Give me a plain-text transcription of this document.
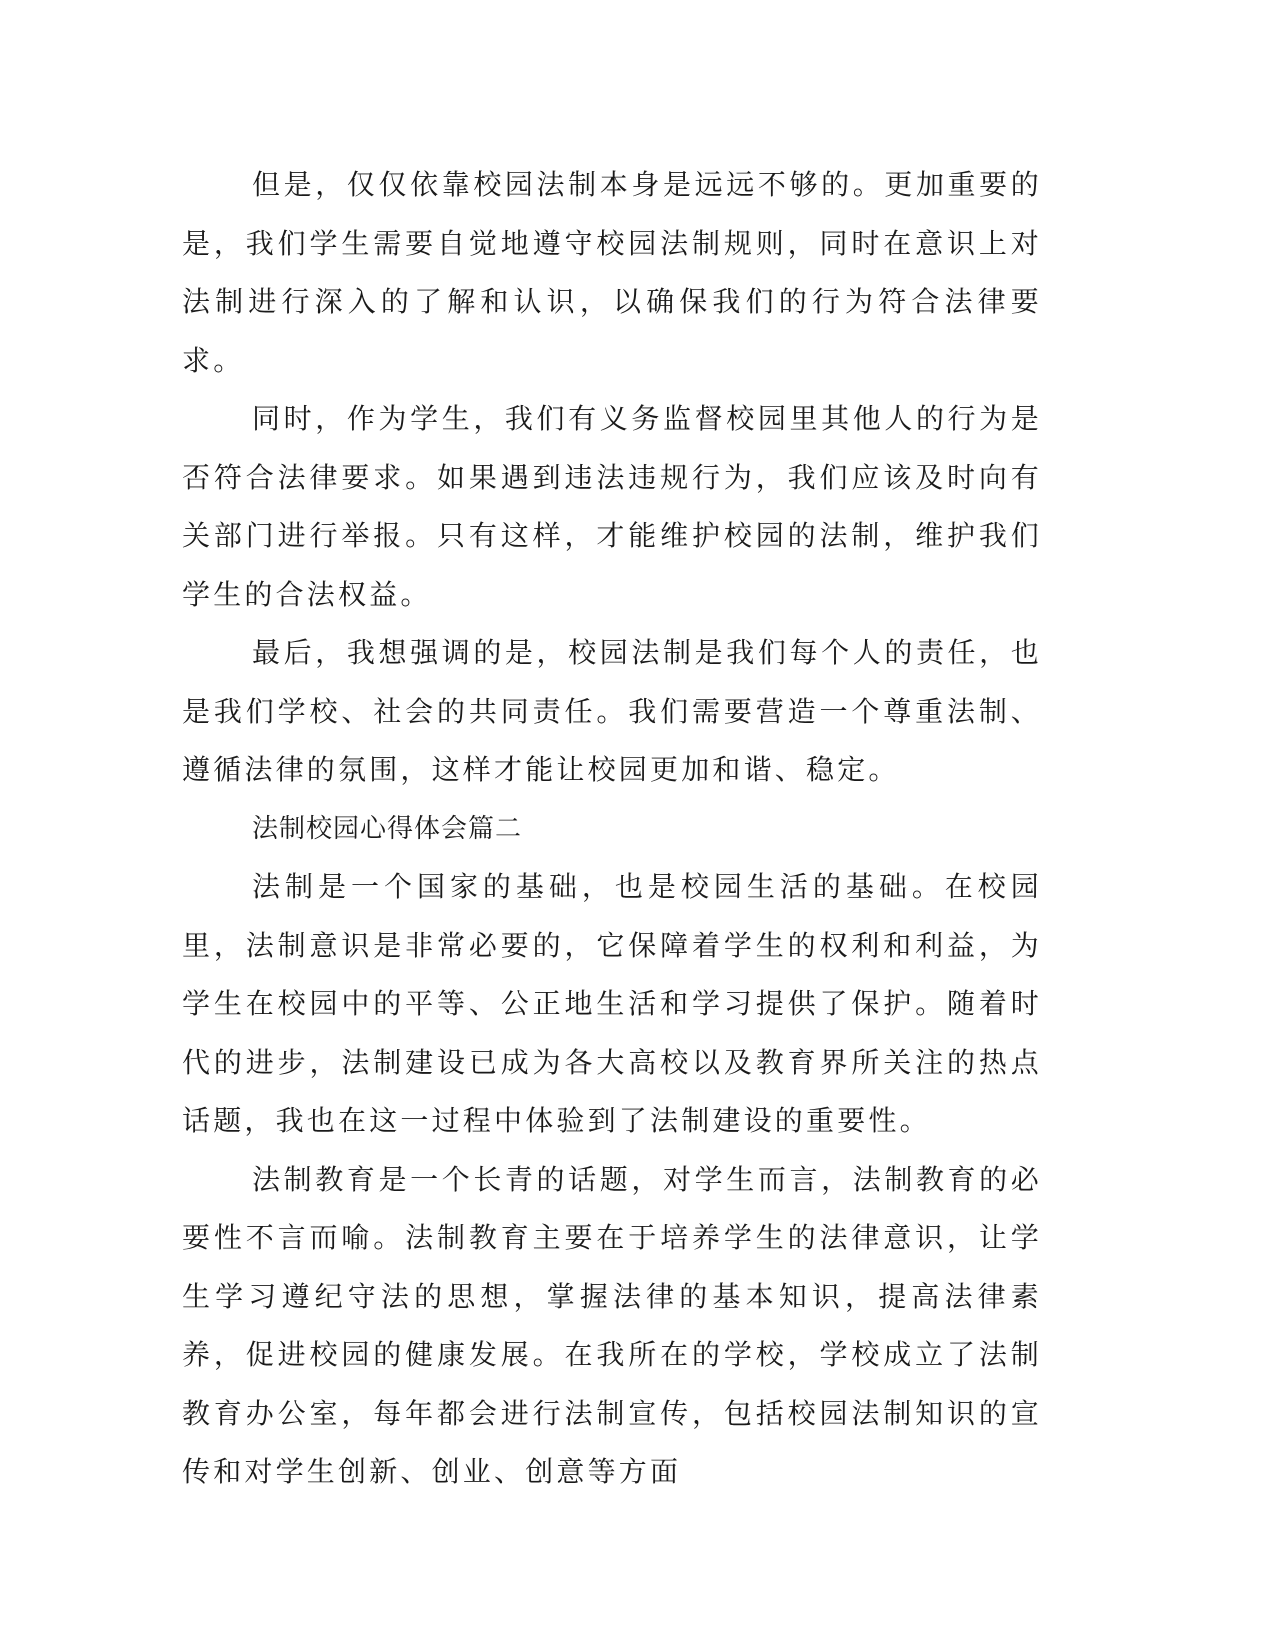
但是，仅仅依靠校园法制本身是远远不够的。更加重要的是，我们学生需要自觉地遵守校园法制规则，同时在意识上对法制进行深入的了解和认识，以确保我们的行为符合法律要求。

同时，作为学生，我们有义务监督校园里其他人的行为是否符合法律要求。如果遇到违法违规行为，我们应该及时向有关部门进行举报。只有这样，才能维护校园的法制，维护我们学生的合法权益。

最后，我想强调的是，校园法制是我们每个人的责任，也是我们学校、社会的共同责任。我们需要营造一个尊重法制、遵循法律的氛围，这样才能让校园更加和谐、稳定。

法制校园心得体会篇二

法制是一个国家的基础，也是校园生活的基础。在校园里，法制意识是非常必要的，它保障着学生的权利和利益，为学生在校园中的平等、公正地生活和学习提供了保护。随着时代的进步，法制建设已成为各大高校以及教育界所关注的热点话题，我也在这一过程中体验到了法制建设的重要性。

法制教育是一个长青的话题，对学生而言，法制教育的必要性不言而喻。法制教育主要在于培养学生的法律意识，让学生学习遵纪守法的思想，掌握法律的基本知识，提高法律素养，促进校园的健康发展。在我所在的学校，学校成立了法制教育办公室，每年都会进行法制宣传，包括校园法制知识的宣传和对学生创新、创业、创意等方面
